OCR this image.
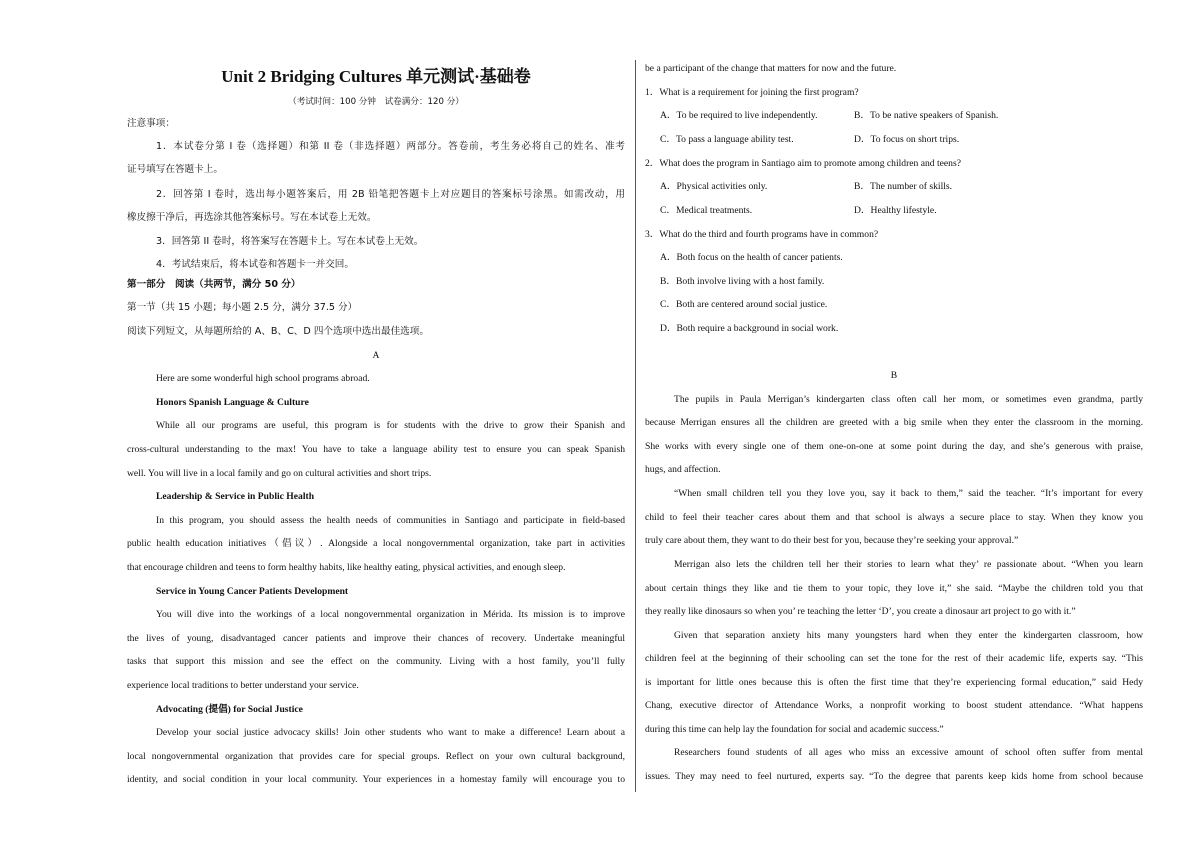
Unit 2 Bridging Cultures 单元测试·基础卷
（考试时间：100 分钟　试卷满分：120 分）
注意事项：
1．本试卷分第 I 卷（选择题）和第 II 卷（非选择题）两部分。答卷前，考生务必将自己的姓名、准考
证号填写在答题卡上。
2．回答第 I 卷时，选出每小题答案后，用 2B 铅笔把答题卡上对应题目的答案标号涂黑。如需改动，用
橡皮擦干净后，再选涂其他答案标号。写在本试卷上无效。
3．回答第 II 卷时，将答案写在答题卡上。写在本试卷上无效。
4．考试结束后，将本试卷和答题卡一并交回。
第一部分　阅读（共两节，满分 50 分）
第一节（共 15 小题；每小题 2.5 分，满分 37.5 分）
阅读下列短文，从每题所给的 A、B、C、D 四个选项中选出最佳选项。
A
Here are some wonderful high school programs abroad.
Honors Spanish Language & Culture
While all our programs are useful, this program is for students with the drive to grow their Spanish and
cross-cultural understanding to the max! You have to take a language ability test to ensure you can speak Spanish
well. You will live in a local family and go on cultural activities and short trips.
Leadership & Service in Public Health
In this program, you should assess the health needs of communities in Santiago and participate in field-based
public health education initiatives（倡议）. Alongside a local nongovernmental organization, take part in activities
that encourage children and teens to form healthy habits, like healthy eating, physical activities, and enough sleep.
Service in Young Cancer Patients Development
You will dive into the workings of a local nongovernmental organization in Mérida. Its mission is to improve
the lives of young, disadvantaged cancer patients and improve their chances of recovery. Undertake meaningful
tasks that support this mission and see the effect on the community. Living with a host family, you’ll fully
experience local traditions to better understand your service.
Advocating (提倡) for Social Justice
Develop your social justice advocacy skills! Join other students who want to make a difference! Learn about a
local nongovernmental organization that provides care for special groups. Reflect on your own cultural background,
identity, and social condition in your local community. Your experiences in a homestay family will encourage you to
be a participant of the change that matters for now and the future.
1．What is a requirement for joining the first program?
A．To be required to live independently.	B．To be native speakers of Spanish.
C．To pass a language ability test.	D．To focus on short trips.
2．What does the program in Santiago aim to promote among children and teens?
A．Physical activities only.	B．The number of skills.
C．Medical treatments.	D．Healthy lifestyle.
3．What do the third and fourth programs have in common?
A．Both focus on the health of cancer patients.
B．Both involve living with a host family.
C．Both are centered around social justice.
D．Both require a background in social work.
B
The pupils in Paula Merrigan’s kindergarten class often call her mom, or sometimes even grandma, partly
because Merrigan ensures all the children are greeted with a big smile when they enter the classroom in the morning.
She works with every single one of them one-on-one at some point during the day, and she’s generous with praise,
hugs, and affection.
“When small children tell you they love you, say it back to them,” said the teacher. “It’s important for every
child to feel their teacher cares about them and that school is always a secure place to stay. When they know you
truly care about them, they want to do their best for you, because they’re seeking your approval.”
Merrigan also lets the children tell her their stories to learn what they’ re passionate about. “When you learn
about certain things they like and tie them to your topic, they love it,” she said. “Maybe the children told you that
they really like dinosaurs so when you’ re teaching the letter ‘D’, you create a dinosaur art project to go with it.”
Given that separation anxiety hits many youngsters hard when they enter the kindergarten classroom, how
children feel at the beginning of their schooling can set the tone for the rest of their academic life, experts say. “This
is important for little ones because this is often the first time that they’re experiencing formal education,” said Hedy
Chang, executive director of Attendance Works, a nonprofit working to boost student attendance. “What happens
during this time can help lay the foundation for social and academic success.”
Researchers found students of all ages who miss an excessive amount of school often suffer from mental
issues. They may need to feel nurtured, experts say. “To the degree that parents keep kids home from school because
